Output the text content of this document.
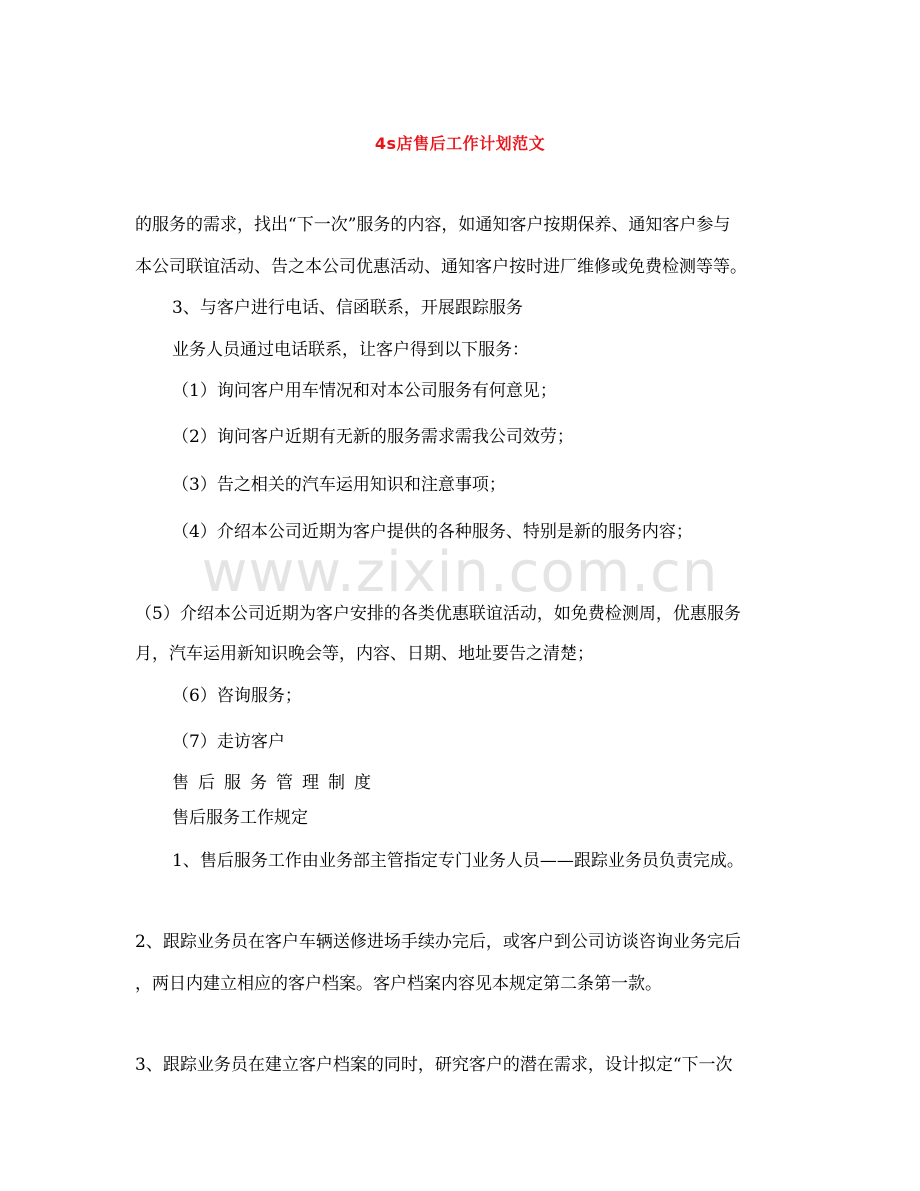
4s店售后工作计划范文
www.zixin.com.cn
的服务的需求，找出“下一次”服务的内容，如通知客户按期保养、通知客户参与
本公司联谊活动、告之本公司优惠活动、通知客户按时进厂维修或免费检测等等。
3、与客户进行电话、信函联系，开展跟踪服务
业务人员通过电话联系，让客户得到以下服务：
（1）询问客户用车情况和对本公司服务有何意见；
（2）询问客户近期有无新的服务需求需我公司效劳；
（3）告之相关的汽车运用知识和注意事项；
（4）介绍本公司近期为客户提供的各种服务、特别是新的服务内容；
（5）介绍本公司近期为客户安排的各类优惠联谊活动，如免费检测周，优惠服务
月，汽车运用新知识晚会等，内容、日期、地址要告之清楚；
（6）咨询服务；
（7）走访客户
售后服务管理制度
售后服务工作规定
1、售后服务工作由业务部主管指定专门业务人员——跟踪业务员负责完成。
2、跟踪业务员在客户车辆送修进场手续办完后，或客户到公司访谈咨询业务完后
，两日内建立相应的客户档案。客户档案内容见本规定第二条第一款。
3、跟踪业务员在建立客户档案的同时，研究客户的潜在需求，设计拟定“下一次
